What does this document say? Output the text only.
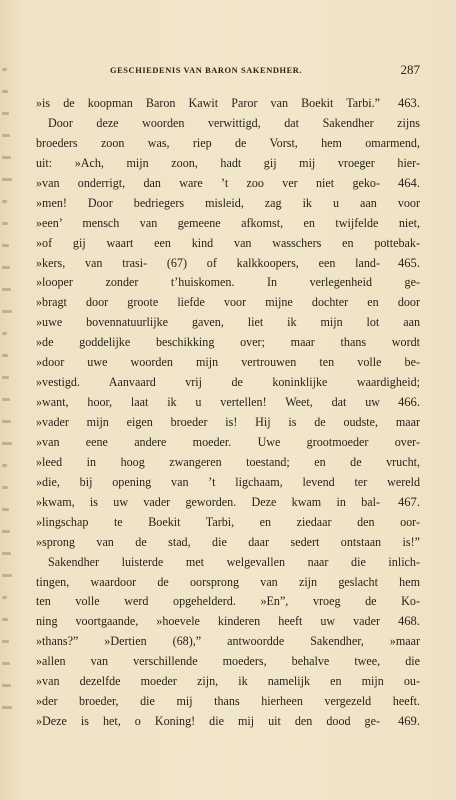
GESCHIEDENIS VAN BARON SAKENDHER.	287
»is de koopman Baron Kawit Paror van Boekit Tarbi.” 463.
Door deze woorden verwittigd, dat Sakendher zijns
broeders zoon was, riep de Vorst, hem omarmend,
uit: »Ach, mijn zoon, hadt gij mij vroeger hier-
»van onderrigt, dan ware ’t zoo ver niet geko- 464.
»men! Door bedriegers misleid, zag ik u aan voor
»een’ mensch van gemeene afkomst, en twijfelde niet,
»of gij waart een kind van wasschers en pottebak-
»kers, van trasi- (67) of kalkkoopers, een land- 465.
»looper zonder t’huiskomen. In verlegenheid ge-
»bragt door groote liefde voor mijne dochter en door
»uwe bovennatuurlijke gaven, liet ik mijn lot aan
»de goddelijke beschikking over; maar thans wordt
»door uwe woorden mijn vertrouwen ten volle be-
»vestigd. Aanvaard vrij de koninklijke waardigheid;
»want, hoor, laat ik u vertellen! Weet, dat uw 466.
»vader mijn eigen broeder is! Hij is de oudste, maar
»van eene andere moeder. Uwe grootmoeder over-
»leed in hoog zwangeren toestand; en de vrucht,
»die, bij opening van ’t ligchaam, levend ter wereld
»kwam, is uw vader geworden. Deze kwam in bal- 467.
»lingschap te Boekit Tarbi, en ziedaar den oor-
»sprong van de stad, die daar sedert ontstaan is!”
Sakendher luisterde met welgevallen naar die inlich-
tingen, waardoor de oorsprong van zijn geslacht hem
ten volle werd opgehelderd. »En”, vroeg de Ko-
ning voortgaande, »hoevele kinderen heeft uw vader 468.
»thans?” »Dertien (68),” antwoordde Sakendher, »maar
»allen van verschillende moeders, behalve twee, die
»van dezelfde moeder zijn, ik namelijk en mijn ou-
»der broeder, die mij thans hierheen vergezeld heeft.
»Deze is het, o Koning! die mij uit den dood ge- 469.
